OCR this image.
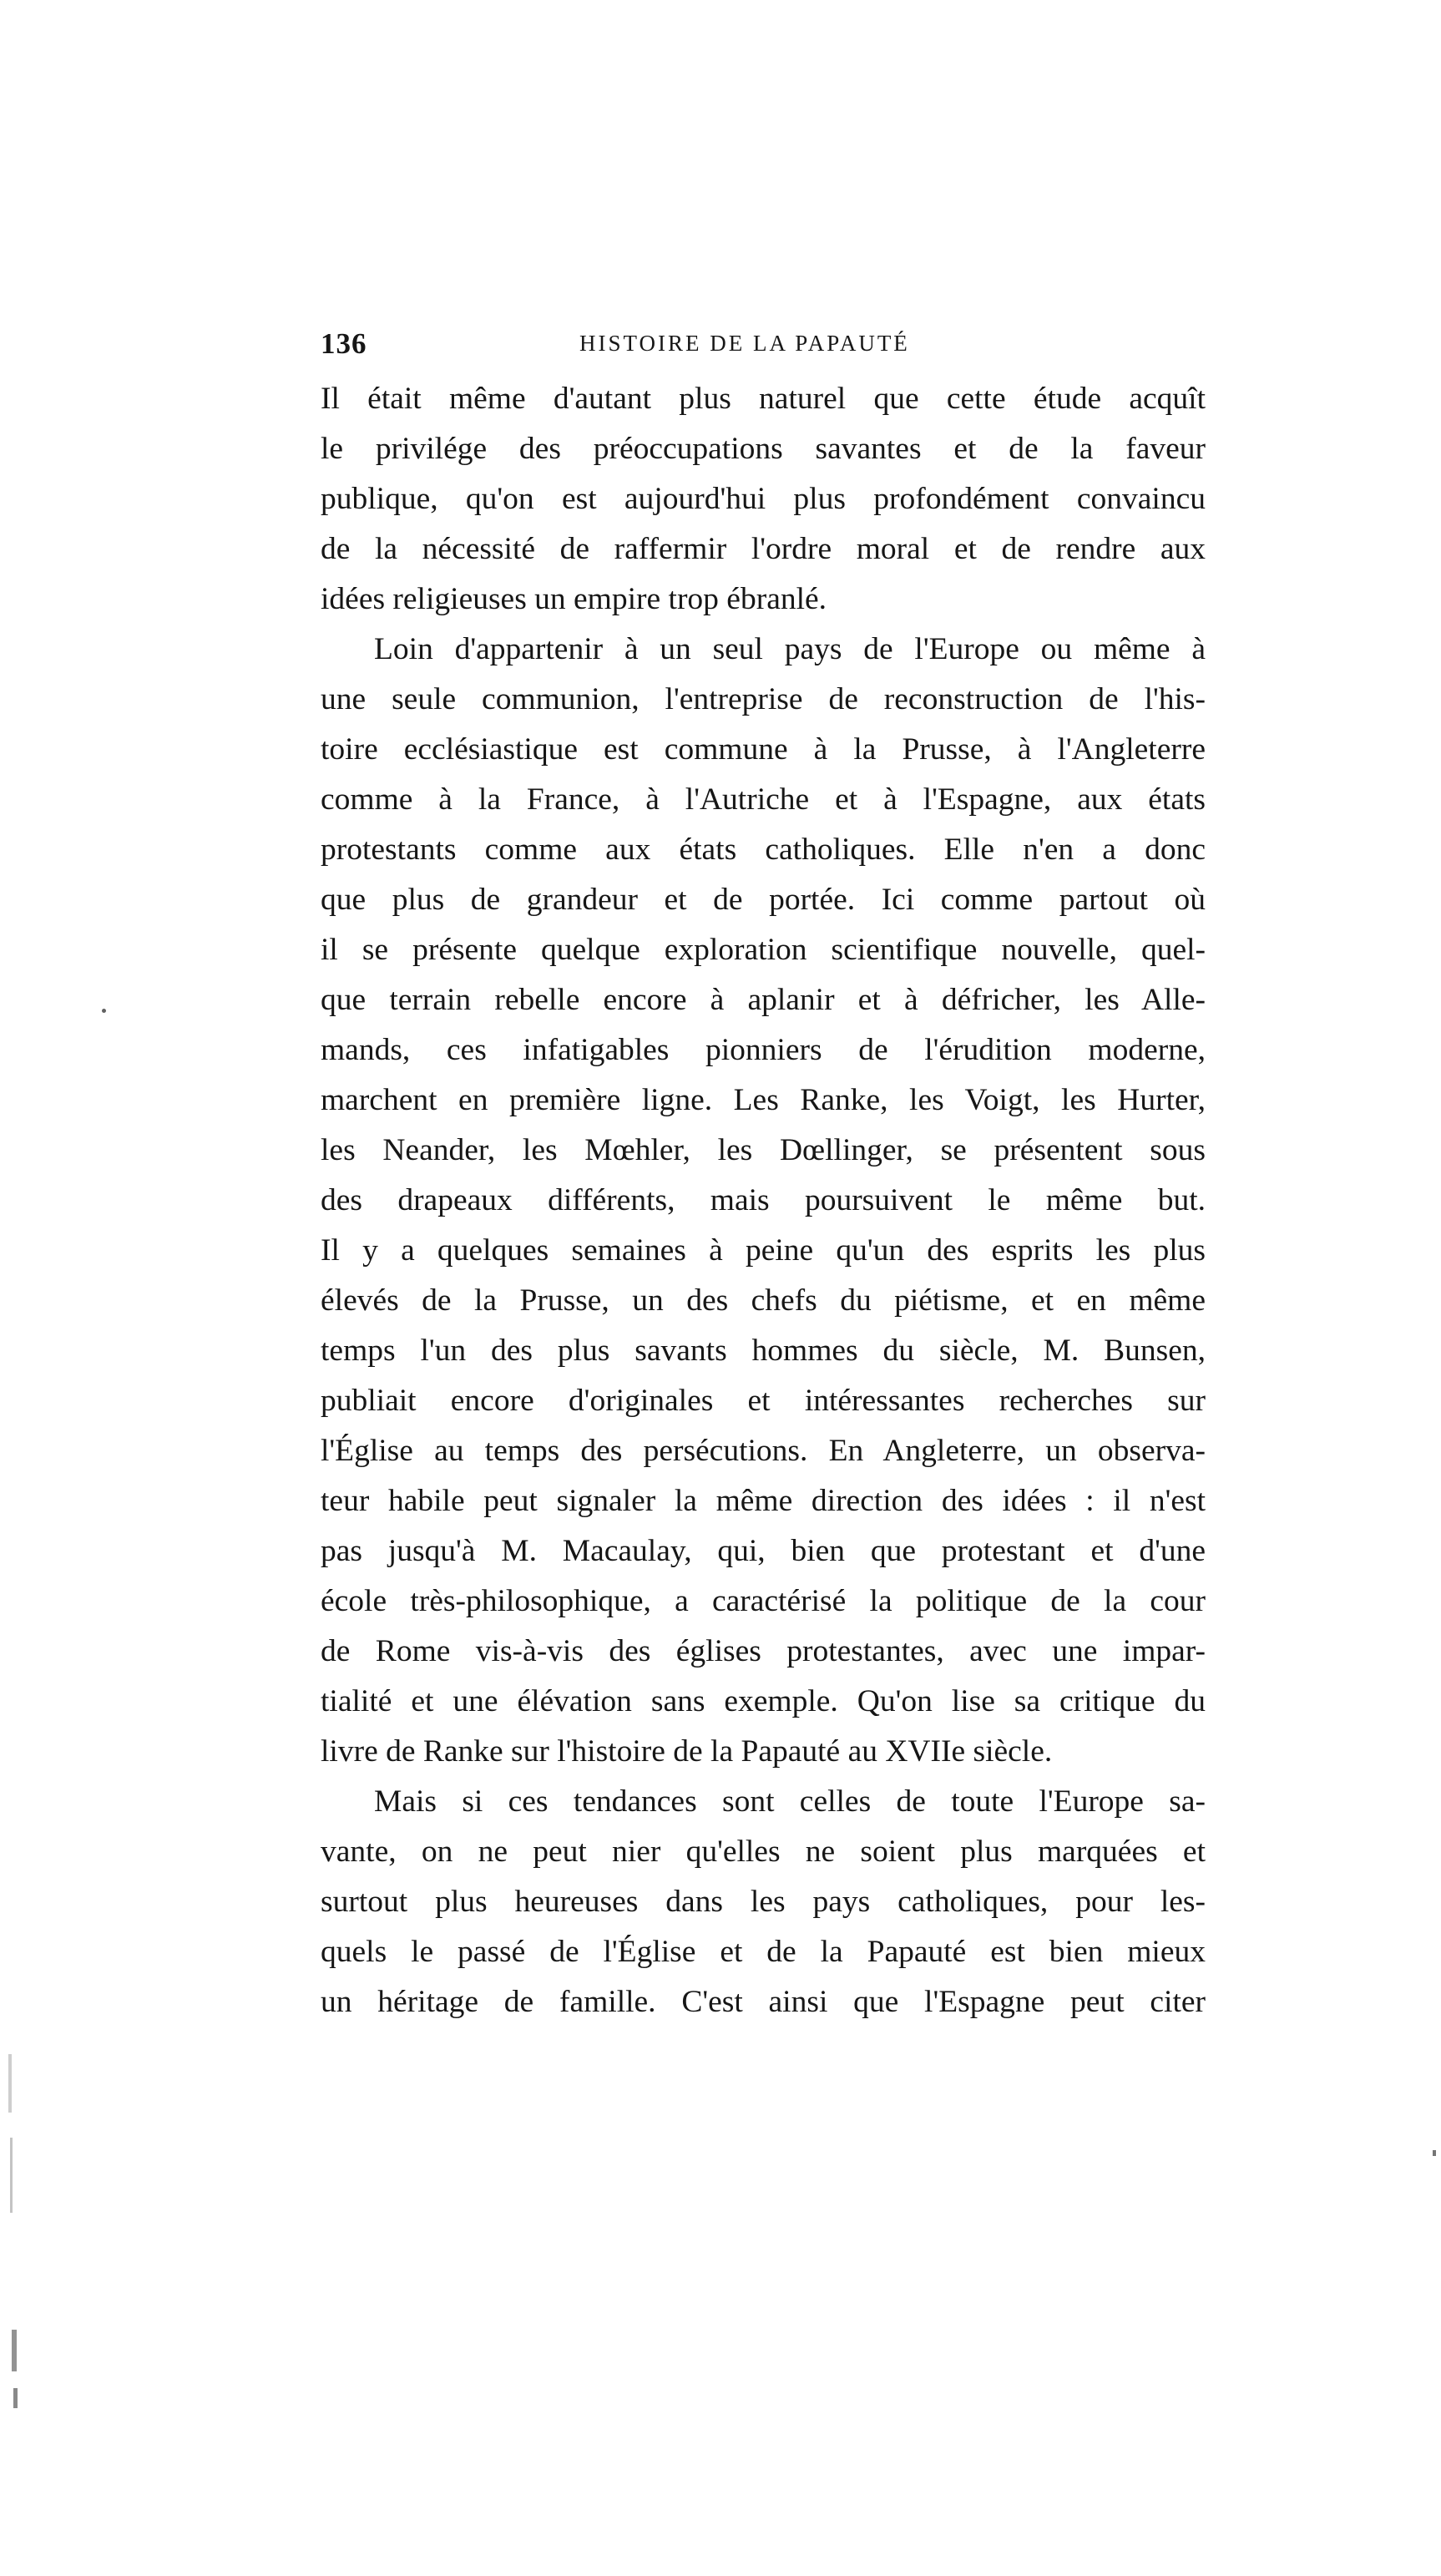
136	HISTOIRE DE LA PAPAUTÉ
Il était même d'autant plus naturel que cette étude acquît
le privilége des préoccupations savantes et de la faveur
publique, qu'on est aujourd'hui plus profondément convaincu
de la nécessité de raffermir l'ordre moral et de rendre aux
idées religieuses un empire trop ébranlé.
Loin d'appartenir à un seul pays de l'Europe ou même à
une seule communion, l'entreprise de reconstruction de l'his-
toire ecclésiastique est commune à la Prusse, à l'Angleterre
comme à la France, à l'Autriche et à l'Espagne, aux états
protestants comme aux états catholiques. Elle n'en a donc
que plus de grandeur et de portée. Ici comme partout où
il se présente quelque exploration scientifique nouvelle, quel-
que terrain rebelle encore à aplanir et à défricher, les Alle-
mands, ces infatigables pionniers de l'érudition moderne,
marchent en première ligne. Les Ranke, les Voigt, les Hurter,
les Neander, les Mœhler, les Dœllinger, se présentent sous
des drapeaux différents, mais poursuivent le même but.
Il y a quelques semaines à peine qu'un des esprits les plus
élevés de la Prusse, un des chefs du piétisme, et en même
temps l'un des plus savants hommes du siècle, M. Bunsen,
publiait encore d'originales et intéressantes recherches sur
l'Église au temps des persécutions. En Angleterre, un observa-
teur habile peut signaler la même direction des idées : il n'est
pas jusqu'à M. Macaulay, qui, bien que protestant et d'une
école très-philosophique, a caractérisé la politique de la cour
de Rome vis-à-vis des églises protestantes, avec une impar-
tialité et une élévation sans exemple. Qu'on lise sa critique du
livre de Ranke sur l'histoire de la Papauté au XVIIe siècle.
Mais si ces tendances sont celles de toute l'Europe sa-
vante, on ne peut nier qu'elles ne soient plus marquées et
surtout plus heureuses dans les pays catholiques, pour les-
quels le passé de l'Église et de la Papauté est bien mieux
un héritage de famille. C'est ainsi que l'Espagne peut citer
